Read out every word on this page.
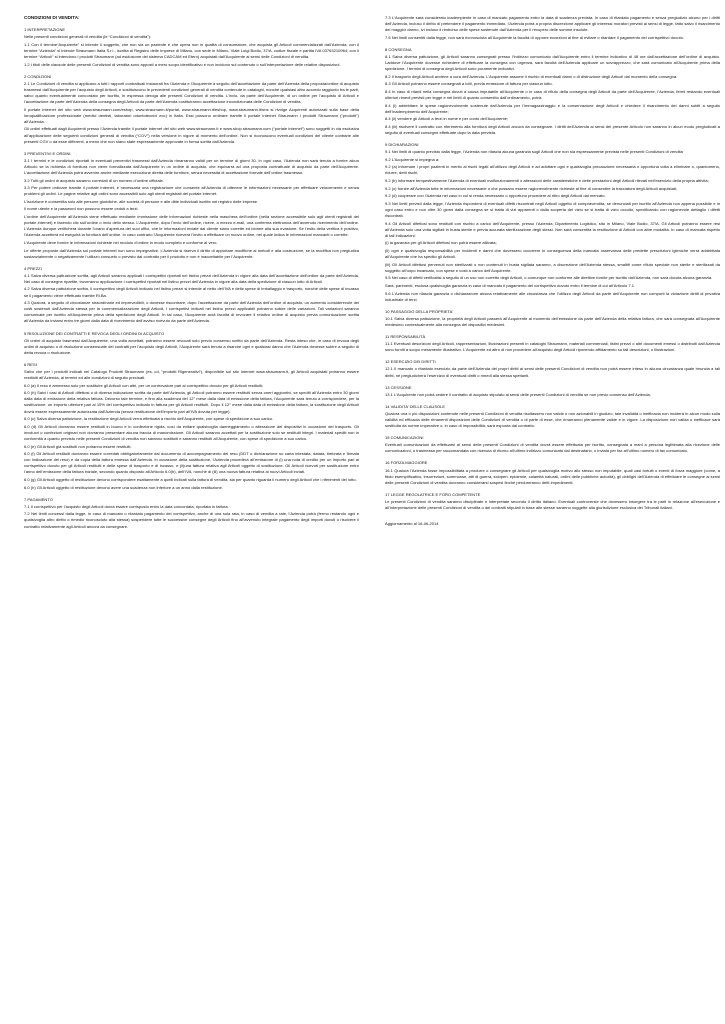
CONDIZIONI DI VENDITA:
1 INTERPRETAZIONE

Nelle presenti condizioni generali di vendita (le “Condizioni di vendita”):

1.1 Con il termine“Acquirente” si intende il soggetto, che non sia un paziente e che opera non in qualità di consumatore, che acquista gli Articoli commercializzati dall’Azienda; con il termine “Azienda” si intende Straumann Italia S.r.l., iscritta al Registro delle Imprese di Milano, con sede in Milano, Viale Luigi Bodio, 37/A, codice fiscale e partita IVA 03763210964; con il termine “Articoli” si intendono i prodotti Straumann (ad esclusione del sistema CADCAM ed Etero) acquistati dall’Acquirente ai sensi delle Condizioni di vendita.

1.2 I titoli delle clausole delle presenti Condizioni di vendita sono apposti a mero scopo identificativo e non incidono sul contenuto o sull’interpretazione delle relative disposizioni.

2 CONDIZIONI

2.1 Le Condizioni di vendita si applicano a tutti i rapporti contrattuali instaurati fra l’Azienda e l’Acquirente a seguito dell’accettazione da parte dell’Azienda della proposta/ordine di acquisto trasmessi dall’Acquirente per l’acquisto degli Articoli, e sostituiscono le precedenti condizioni generali di vendita contenute in cataloghi, nonché qualsiasi altro accordo raggiunto fra le parti, salvo quanto eventualmente concordato per iscritto, in espressa deroga alle presenti Condizioni di vendita. L’invio, da parte dell’Acquirente, di un ordine per l’acquisto di Articoli e l’accettazione da parte dell’Azienda della consegna degli Articoli da parte dell’Azienda costituiranno accettazione incondizionata delle Condizioni di vendita.

Il portale internet del sito web www.straumann.com/eshop, www.straumann.it/portal, www.straumann.it/eshop, www.straumann.it/sns si rivolge Acquirenti autorizzati sulla base della loroqualificazione professionale (medici dentisti, laboratori odontotecnici ecc) in Italia. Essi possono ordinare tramite il portale internet Straumann i prodotti Straumann (“prodotti”) all’Azienda.

Gli ordini effettuati dagli Acquirenti presso l’Azienda tramite il portale internet del sito web www.straumann.it e www.shop.straumann.com (“portale internet”) sono soggetti in via esclusiva all’applicazione delle seguenti condizioni generali di vendita (“CGV”) nella versione in vigore al momento dell’ordine. Non si riconoscono eventuali condizioni del cliente contrarie alle presenti CGV o da esse differenti, a meno che non siano state espressamente approvate in forma scritta dall’Azienda.

3 PREVENTIVI E ORDINI

3.1 I termini e le condizioni riportati in eventuali preventivi trasmessi dall’Azienda rimarranno validi per un termine di giorni 30. In ogni caso, l’Azienda non sarà tenuta a fornire alcun Articolo se la richiesta di fornitura non viene formalizzata dall’Acquirente in un ordine di acquisto, che equivarrà ad una proposta contrattuale di acquisto da parte dell’Acquirente. L’accettazione dell’Azienda potrà avvenire anche mediante esecuzione diretta delle forniture, senza necessità di accettazione formale dell’ordine trasmesso.

3.2 Tutti gli ordini di acquisto saranno corredati di un numero d’ordine ufficiale.

3.3 Per potere ordinare tramite il portale internet, è necessaria una registrazione che consente all’Azienda di ottenere le informazioni necessarie per effettuare velocemente e senza problemi gli ordini. Le pagine relative agli ordini sono accessibili solo agli utenti registrati del portale internet.

L’iscrizione è consentita solo alle persone giuridiche, alle società di persone e alle ditte individuali iscritte nel registro delle imprese.

Il nome utente e la password non possono essere ceduti a terzi.

L’ordine dell’Acquirente all’Azienda viene effettuato mediante immissione delle informazioni richieste nella maschera dell’ordine (nella sezione accessibile solo agli utenti registrati del portale internet) e facendo clic sull’ordine o invio dello stesso. L’Acquirente, dopo l’invio dell’ordine, riceve, a mezzo e-mail, una conferma elettronica dell’avvenuto ricevimento dell’ordine. L’Azienda dunque verificherà durante l’orario d’apertura dei suoi uffici, che le informazioni inviate dal cliente siano corrette ed idonee alla sua evasione. Se l’esito della verifica è positivo, l’Azienda accetterà ed eseguirà la fornitura dell’ordine. In caso contrario l’Acquirente riceverà l’invito a effettuare un nuovo ordine, nel quale indica le informazioni mancanti o corrette.

L’Acquirente deve fornire le informazioni richieste nel modulo d’ordine in modo completo e conforme al vero.

Le offerte proposte dall’Azienda sul portale internet non sono impegnative. L’Azienda si riserva il diritto di apportare modifiche ai metodi e alla costruzione, se la modifica non pregiudica sostanzialmente o negativamente l’utilizzo consueto o previsto dal contratto per il prodotto e non è inaccettabile per l’Acquirente.

4 PREZZI

4.1 Salva diversa pattuizione scritta, agli Articoli saranno applicati i corrispettivi riportati nel listino prezzi dell’Azienda in vigore alla data dell’accettazione dell’ordine da parte dell’Azienda. Nel caso di consegne ripartite, troveranno applicazione i corrispettivi riportati nel listino prezzi dell’Azienda in vigore alla data della spedizione di ciascun lotto di Articoli.

4.2 Salva diversa pattuizione scritta, il corrispettivo degli Articoli indicato nel listino prezzi si intende al netto dell’IVA e delle spese di imballaggio e trasporto, nonché delle spese di incasso se il pagamento viene effettuato tramite Ri.Ba.

4.3 Qualora, a seguito di circostanze straordinarie ed imprevedibili, o dovesse riscontrare, dopo l’accettazione da parte dell’Azienda dell’ordine di acquisto, un aumento considerevole dei costi sostenuti dall’Azienda stessa per la commercializzazione degli Articoli, i corrispettivi indicati nel listino prezzi applicabili potranno subire delle variazioni. Tali variazioni saranno comunicate per iscritto all’Acquirente prima della spedizione degli Articoli. In tal caso, l’Acquirente avrà facoltà di revocare il relativo ordine di acquisto previa comunicazione scritta all’Azienda da inviarsi entro tre giorni dalla data di ricevimento dell’avviso ricevuto da parte dell’Azienda.

5 RISOLUZIONE DEI CONTRATTI E REVOCA DEGLI ORDINI DI ACQUISTO

Gli ordini di acquisto trasmessi dall’Acquirente, una volta accettati, potranno essere revocati solo previo consenso scritto da parte dell’Azienda. Resta inteso che, in caso di revoca degli ordini di acquisto o di risoluzione consensuale dei contratti per l’acquisto degli Articoli, l’Acquirente sarà tenuto a risarcire ogni e qualsiasi danno che l’Azienda dovesse subire a seguito di detta revoca o risoluzione.

6 RESI

Salvo che per i prodotti indicati nel Catalogo Prodotti Straumann (es. cd, “prodotti Rigenerativi”), disponibile sul sito Internet www.straumann.it, gli Articoli acquistati potranno essere restituiti all’Azienda, ai termini ed alle condizioni di seguito precisati.

6.0 (a) Il reso è ammesso solo per sostituire gli Articoli con altri, per un controvalore pari al corrispettivo dovuto per gli Articoli restituiti;

6.0 (b) Salvi i casi di Articoli difettosi o di diversa indicazione scritta da parte dell’Azienda, gli Articoli potranno essere restituiti senza oneri aggiuntivi, se spediti all’Azienda entro 30 giorni dalla data di emissione della relativa fattura. Decorso tale termine, e fino alla scadenza del 12° mese dalla data di emissione della fattura, l’Acquirente sarà tenuto a corrispondere, per la sostituzione, un importo ulteriore pari al 15% del corrispettivo indicato in fattura per gli Articoli restituiti. Dopo il 12° mese dalla data di emissione della fattura, la sostituzione degli Articoli dovrà essere espressamente autorizzata dall’Azienda (senza restituzione dell’importo pari all’IVA dovuta per legge).

6.0 (c) Salva diversa pattuizione, la restituzione degli Articoli verrà effettuata a rischio dell’Acquirente, con spese di spedizione a suo carico.

6.0 (d) Gli Articoli dovranno essere restituiti in buono e in confezione rigida, così da evitare qualsivoglia danneggiamento o alterazione dei dispositivi in occasione del trasporto. Gli involucri o confezioni originari non dovranno presentare alcuna traccia di manomissione. Gli Articoli saranno accettati per la sostituzione solo se restituiti integri. I materiali spediti non in conformità a quanto previsto nelle presenti Condizioni di vendita non saranno sostituiti e saranno restituiti all’Acquirente, con spese di spedizione a suo carico.

6.0 (e) Gli Articoli già sostituiti non potranno essere restituiti.

6.0 (f) Gli Articoli restituiti dovranno essere corredati obbligatoriamente dal documento di accompagnamento del reso (DDT o dichiarazione su carta intestata, datata, timbrata e firmata con indicazione del reso) e da copia della fattura emessa dall’Azienda. In occasione della sostituzione, l’Azienda procederà all’emissione di (i) una nota di credito per un importo pari al corrispettivo dovuto per gli Articoli restituiti e delle spese di trasporto e di incasso, e (ii)una fattura relativa agli Articoli oggetto di sostituzione. Gli Articoli ricevuti per sostituzione entro l’anno dell’emissione della fattura iniziale, secondo quanto disposto all’Articolo 6.0(b), dell’IVA, nonché di (iii) una nuova fattura relativa ai nuovi Articoli inviati.

6.0 (g) Gli Articoli oggetto di restituzione devono corrispondere esattamente a quelli indicati sulla fattura di vendita, sia per quanto riguarda il numero degli Articoli che i riferimenti del lotto.

6.0 (h) Gli Articoli oggetto di restituzione devono avere una scadenza non inferiore a un anno dalla restituzione.

7 PAGAMENTO

7.1 Il corrispettivo per l’acquisto degli Articoli dovrà essere corrisposto entro la data concordata, riportata in fattura.

7.2 Nei limiti concessi dalla legge, in caso di mancato o ritardato pagamento del corrispettivo, anche di una sola rata, in caso di vendita a rate, l’Azienda potrà (fermo restando ogni e qualsivoglia altro diritto o rimedio riconosciuto alla stessa) sospendere tutte le successive consegne degli Articoli fino all’avvenuto integrale pagamento degli importi dovuti o risolvere il contratto relativamente agli Articoli ancora da consegnare.

7.3 L’Acquirente sarà considerato inadempiente in caso di mancato pagamento entro la data di scadenza prevista. In caso di ritardato pagamento e senza pregiudizio alcuno per i diritti dell’Azienda, incluso il diritto di pretendere il pagamento immediato, l’Azienda potrà a propria discrezione applicare gli interessi moratori previsti ai sensi di legge, fatto salvo il risarcimento del maggior danno, ivi incluso il rimborso delle spese sostenute dall’Azienda per il recupero delle somme insolute.

7.5 Nei limiti consentiti dalla legge, non sarà riconosciuta all’Acquirente la facoltà di opporre eccezioni al fine di evitare o ritardare il pagamento del corrispettivo dovuto.

8 CONSEGNA

8.1 Salva diversa pattuizione, gli Articoli saranno consegnati presso l’indirizzo comunicato dall’Acquirente entro il termine indicativo di 48 ore dall’accettazione dell’ordine di acquisto. Laddove l’Acquirente dovesse richiedere di effettuare la consegna con urgenza, sarà facoltà dell’Azienda applicare un sovrapprezzo, che sarà comunicato all’Acquirente prima della spedizione. I termini di consegna degli Articoli sono puramente indicativi.

8.2 Il trasporto degli Articoli avviene a cura dell’Azienda. L’Acquirente assume il rischio di eventuali danni o di distruzione degli Articoli dal momento della consegna.

8.3 Gli Articoli potranno essere consegnati a lotti, previa emissione di fattura per ciascun lotto.

8.4 In caso di ritardi nella consegna dovuti a causa imputabile all’Acquirente o in caso di rifiuto della consegna degli Articoli da parte dell’Acquirente, l’Azienda, fermi restando eventuali ulteriori rimedi previsti per legge e nei limiti di quanto consentito dall’ordinamento, potrà:

8.4 (i) addebitare le spese ragionevolmente sostenute dall’Azienda per l’immagazzinaggio e la conservazione degli Articoli e chiedere il risarcimento dei danni subiti a seguito dell’inadempimento dell’Acquirente;

8.4 (ii) vendere gli Articoli a terzi in nome e per conto dell’Acquirente;

8.4 (iii) risolvere il contratto con riferimento alla fornitura degli Articoli ancora da consegnare. I diritti dell’Azienda ai sensi del presente Articolo non saranno in alcun modo pregiudicati a seguito di eventuali consegne effettuate dopo la data prevista.

9 DICHIARAZIONI

9.1 Nei limiti di quanto previsto dalla legge, l’Azienda non rilascia alcuna garanzia sugli Articoli che non sia espressamente prevista nelle presenti Condizioni di vendita

9.2 L’Acquirente si impegna a:

9.2 (a) informare i propri pazienti in merito ai rischi legati all’utilizzo degli Articoli e ad adottare ogni e qualsivoglia precauzione necessaria o opportuna volta a eliminare o, quantomeno, ridurre, detti rischi;

9.2 (b) informare tempestivamente l’Azienda di eventuali malfunzionamenti o alterazioni delle caratteristiche e delle prestazioni degli Articoli rilevati nell’esercizio della propria attività;

9.2 (c) fornire all’Azienda tutte le informazioni necessarie o che possano essere ragionevolmente richieste al fine di consentire la tracciatura degli Articoli acquistati;

9.2 (d) cooperare con l’Azienda nel caso in cui si renda necessario o opportuno procedere al ritiro degli Articoli dal mercato.

9.3 Nei limiti previsti dalla legge, l’Azienda risponderà di eventuali difetti riscontrati negli Articoli oggetto di compravendita, se denunciati per iscritto all’Azienda non appena possibile e in ogni caso entro e non oltre 30 giorni dalla consegna se si tratta di vizi apparenti o dalla scoperta del vizio se si tratta di vizio occulto, specificando con ragionevole dettaglio i difetti riscontrati.

9.4 Gli Articoli difettosi sono restituiti con rischio a carico dell’Acquirente, presso l’Azienda, Dipartimento Logistico, sito in Milano, Viale Bodio, 37/A. Gli Articoli potranno essere resi all’Azienda solo una volta sigillati in busta sterile e previa accurata sterilizzazione degli stessi. Non sarà consentita la restituzione di Articoli con altre modalità. In caso di mancata rispetto di tali indicazioni:

(i) la garanzia per gli Articoli difettosi non potrà essere attivata;

(ii) ogni e qualsivoglia responsabilità per incidenti e danni che dovessero occorrere in conseguenza della mancata osservanza delle predette prescrizioni igieniche verrà addebitata all’Acquirente che ha spedito gli Articoli.

(iii) Gli Articoli difettosi pervenuti non sterilizzati o non contenuti in busta sigillata saranno, a discrezione dell’Azienda stessa, smaltiti come rifiuto speciale non sterile e sterilizzati da soggetto all’uopo incaricato, con spese e costi a carico dell’Acquirente.

9.5 Nel caso di difetti verificatisi a seguito di un uso non corretto degli Articoli, o comunque non conforme alle direttive fornite per iscritto dall’Azienda, non sarà dovuta alcuna garanzia.

Sarà, parimenti, esclusa qualsivoglia garanzia in caso di mancato il pagamento del corrispettivo dovuto entro il termine di cui all’Articolo 7.1.

9.6 L’Azienda non rilascia garanzia o dichiarazione alcuna relativamente alle circostanza che l’utilizzo degli Articoli da parte dell’Acquirente non comporti la violazione diritti di privativa industriale di terzi.

10 PASSAGGIO DELLA PROPRIETA’

10.1 Salva diversa pattuizione, la proprietà degli Articoli passerà all’Acquirente al momento dell’emissione da parte dell’Azienda della relativa fattura, che sarà consegnata all’Acquirente medesimo contestualmente alla consegna dei dispositivi medesimi.

11 RESPONSABILITÀ

11.1 Eventuali descrizioni degli Articoli, rappresentazioni, illustrazioni presenti in cataloghi Straumann, materiali commerciali, listini prezzi o altri documenti emessi o distribuiti dall’Azienda sono forniti a scopo meramente illustrativo. L’Acquirente ed altro di non procedere all’acquisto degli Articoli riponendo affidamento su tali descrizioni, o illustrazioni.

12 ESERCIZIO DEI DIRITTI

12.1 Il mancato o ritardato esercizio da parte dell’Azienda dei propri diritti ai sensi delle presenti Condizioni di vendita non potrà essere inteso in alcuna circostanza quale rinuncia a tali diritti, né pregiudicherà l’esercizio di eventuali diritti o rimedi alla stessa spettanti.

13 CESSIONE

13.1 L’Acquirente non potrà cedere il contratto di acquisto stipulato ai sensi delle presenti Condizioni di vendita se non previo consenso dell’Azienda.

14 VALIDITA’ DELLE CLAUSOLE

Qualora una o più disposizioni contenute nelle presenti Condizioni di vendita risultassero non valide o non azionabili in giudizio, tale invalidità o inefficacia non inciderà in alcun modo sulla validità ed efficacia delle rimanenti disposizioni delle Condizioni di vendita o di parte di esse, che rimarranno pienamente valide e in vigore. La disposizione non valida o inefficace sarà sostituita da norme imperative o, in caso di impossibilità, sarà espunta dal contratto.

15 COMUNICAZIONI

Eventuali comunicazioni da effettuarsi ai sensi delle presenti Condizioni di vendita dovrà essere effettuata per iscritto, consegnata a mani a persona legittimata alla ricezione delle comunicazioni, o trasmessa per raccomandata con ricevuta di ritorno all’ultimo indirizzo comunicato dal destinatario, o inviata per fax all’ultimo numero di fax comunicato.

16 FORZA MAGGIORE

16.1 Qualora l’Azienda fosse impossibilitata a produrre o consegnare gli Articoli per qualsivoglia motivo allo stesso non imputabile, quali casi fortuiti o eventi di forza maggiore (come, a titolo esemplificativo, insurrezioni, sommosse, atti di guerra, scioperi, epidemie, calamità naturali, ordini delle pubbliche autorità), gli obblighi dell’Azienda di effettuare le consegne ai sensi delle presenti Condizioni di vendita dovranno considerarsi sospesi finché perdureranno detti impedimenti.

17 LEGGE REGOLATRICE E FORO COMPETENTE

Le presenti Condizioni di vendita saranno disciplinate e interpretate secondo il diritto italiano. Eventuali controversie che dovessero insorgere tra le parti in relazione all’esecuzione e all’interpretazione delle presenti Condizioni di vendita o dei contratti stipulati in base alle stesse saranno soggette alla giurisdizione esclusiva dei Tribunali italiani.

Aggiornamento al 16-06-2014
